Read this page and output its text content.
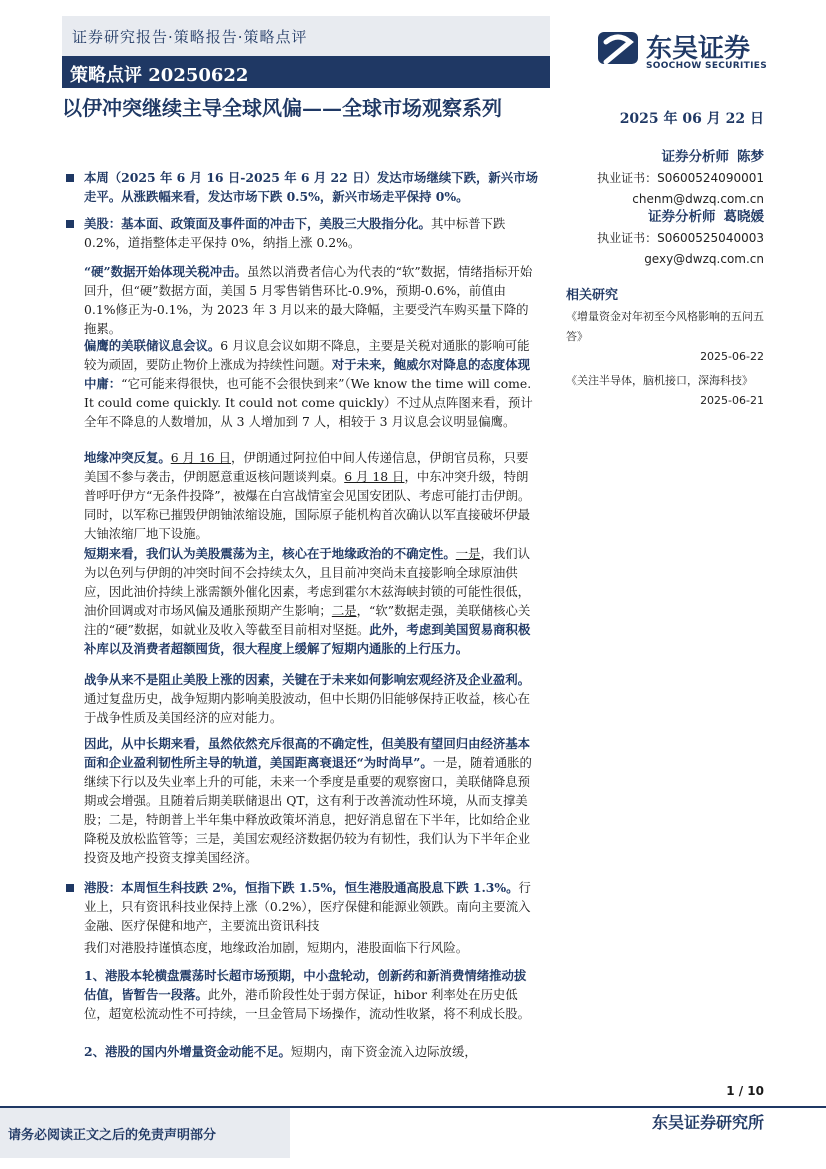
证券研究报告·策略报告·策略点评
策略点评 20250622
东吴证券
SOOCHOW SECURITIES
以伊冲突继续主导全球风偏——全球市场观察系列	2025 年 06 月 22 日
证券分析师 陈梦
执业证书：S0600524090001
chenm@dwzq.com.cn
证券分析师 葛晓媛
执业证书：S0600525040003
gexy@dwzq.com.cn
相关研究
《增量资金对年初至今风格影响的五问五答》
2025-06-22
《关注半导体，脑机接口，深海科技》
2025-06-21
本周（2025 年 6 月 16 日-2025 年 6 月 22 日）发达市场继续下跌，新兴市场走平。从涨跌幅来看，发达市场下跌 0.5%，新兴市场走平保持 0%。
美股：基本面、政策面及事件面的冲击下，美股三大股指分化。其中标普下跌 0.2%，道指整体走平保持 0%，纳指上涨 0.2%。
“硬”数据开始体现关税冲击。虽然以消费者信心为代表的“软”数据，情绪指标开始回升，但“硬”数据方面，美国 5 月零售销售环比-0.9%，预期-0.6%，前值由 0.1%修正为-0.1%，为 2023 年 3 月以来的最大降幅，主要受汽车购买量下降的拖累。
偏鹰的美联储议息会议。6 月议息会议如期不降息，主要是关税对通胀的影响可能较为顽固，要防止物价上涨成为持续性问题。对于未来，鲍威尔对降息的态度体现中庸：“它可能来得很快，也可能不会很快到来”（We know the time will come. It could come quickly. It could not come quickly）不过从点阵图来看，预计全年不降息的人数增加，从 3 人增加到 7 人，相较于 3 月议息会议明显偏鹰。
地缘冲突反复。6 月 16 日，伊朗通过阿拉伯中间人传递信息，伊朗官员称，只要美国不参与袭击，伊朗愿意重返核问题谈判桌。6 月 18 日，中东冲突升级，特朗普呼吁伊方“无条件投降”，被爆在白宫战情室会见国安团队、考虑可能打击伊朗。同时，以军称已摧毁伊朗铀浓缩设施，国际原子能机构首次确认以军直接破坏伊最大铀浓缩厂地下设施。
短期来看，我们认为美股震荡为主，核心在于地缘政治的不确定性。一是，我们认为以色列与伊朗的冲突时间不会持续太久，且目前冲突尚未直接影响全球原油供应，因此油价持续上涨需额外催化因素，考虑到霍尔木兹海峡封锁的可能性很低，油价回调或对市场风偏及通胀预期产生影响；二是，“软”数据走强，美联储核心关注的“硬”数据，如就业及收入等截至目前相对坚挺。此外，考虑到美国贸易商积极补库以及消费者超额囤货，很大程度上缓解了短期内通胀的上行压力。
战争从来不是阻止美股上涨的因素，关键在于未来如何影响宏观经济及企业盈利。通过复盘历史，战争短期内影响美股波动，但中长期仍旧能够保持正收益，核心在于战争性质及美国经济的应对能力。
因此，从中长期来看，虽然依然充斥很高的不确定性，但美股有望回归由经济基本面和企业盈利韧性所主导的轨道，美国距离衰退还“为时尚早”。一是，随着通胀的继续下行以及失业率上升的可能，未来一个季度是重要的观察窗口，美联储降息预期或会增强。且随着后期美联储退出 QT，这有利于改善流动性环境，从而支撑美股；二是，特朗普上半年集中释放政策坏消息，把好消息留在下半年，比如给企业降税及放松监管等；三是，美国宏观经济数据仍较为有韧性，我们认为下半年企业投资及地产投资支撑美国经济。
港股：本周恒生科技跌 2%，恒指下跌 1.5%，恒生港股通高股息下跌 1.3%。行业上，只有资讯科技业保持上涨（0.2%），医疗保健和能源业领跌。南向主要流入金融、医疗保健和地产，主要流出资讯科技
我们对港股持谨慎态度，地缘政治加剧，短期内，港股面临下行风险。
1、港股本轮横盘震荡时长超市场预期，中小盘轮动，创新药和新消费情绪推动拔估值，皆暂告一段落。此外，港币阶段性处于弱方保证，hibor 利率处在历史低位，超宽松流动性不可持续，一旦金管局下场操作，流动性收紧，将不利成长股。
2、港股的国内外增量资金动能不足。短期内，南下资金流入边际放缓，
1 / 10
请务必阅读正文之后的免责声明部分
东吴证券研究所
